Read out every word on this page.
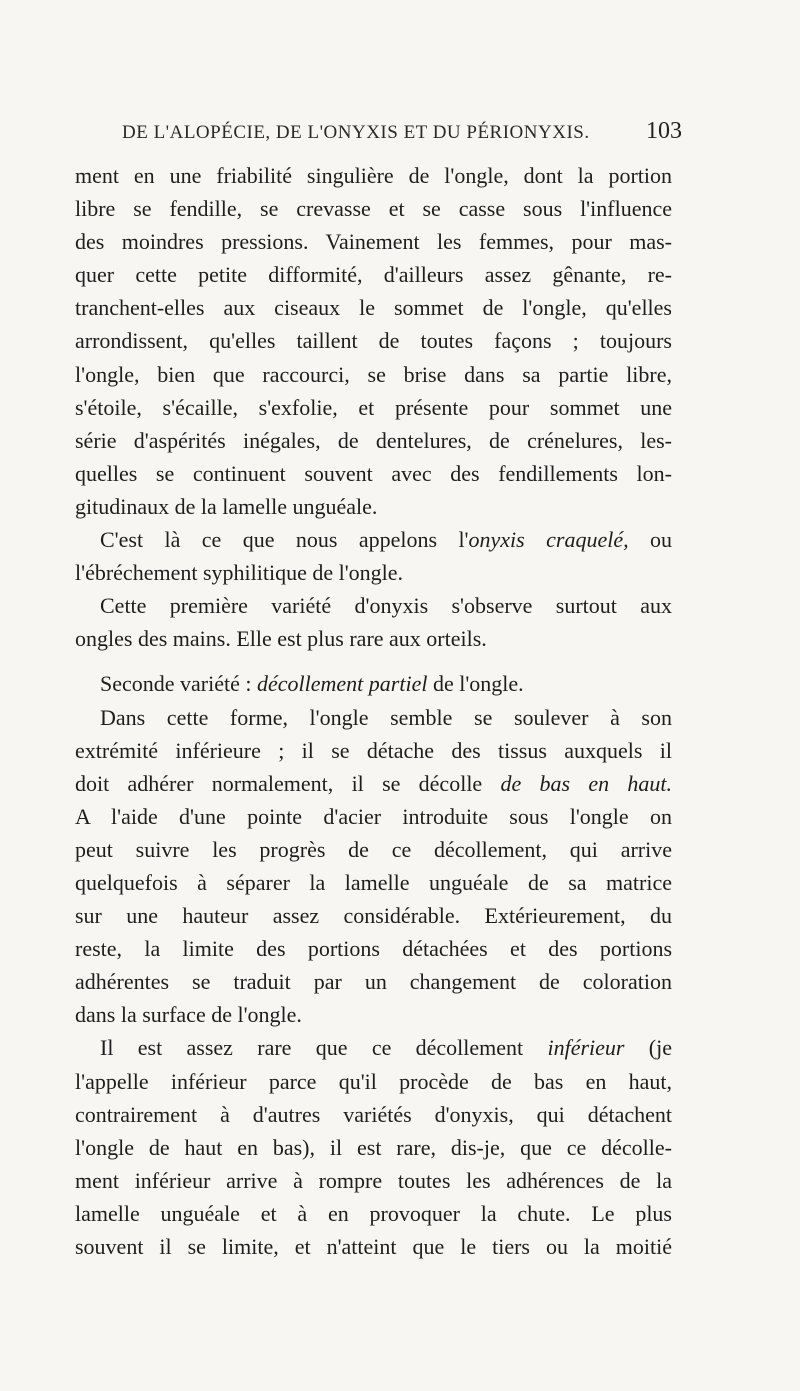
DE L'ALOPÉCIE, DE L'ONYXIS ET DU PÉRIONYXIS. 103

ment en une friabilité singulière de l'ongle, dont la portion
libre se fendille, se crevasse et se casse sous l'influence
des moindres pressions. Vainement les femmes, pour mas-
quer cette petite difformité, d'ailleurs assez gênante, re-
tranchent-elles aux ciseaux le sommet de l'ongle, qu'elles
arrondissent, qu'elles taillent de toutes façons ; toujours
l'ongle, bien que raccourci, se brise dans sa partie libre,
s'étoile, s'écaille, s'exfolie, et présente pour sommet une
série d'aspérités inégales, de dentelures, de crénelures, les-
quelles se continuent souvent avec des fendillements lon-
gitudinaux de la lamelle unguéale.

C'est là ce que nous appelons l'onyxis craquelé, ou
l'ébréchement syphilitique de l'ongle.

Cette première variété d'onyxis s'observe surtout aux
ongles des mains. Elle est plus rare aux orteils.

Seconde variété : décollement partiel de l'ongle.

Dans cette forme, l'ongle semble se soulever à son
extrémité inférieure ; il se détache des tissus auxquels il
doit adhérer normalement, il se décolle de bas en haut.
A l'aide d'une pointe d'acier introduite sous l'ongle on
peut suivre les progrès de ce décollement, qui arrive
quelquefois à séparer la lamelle unguéale de sa matrice
sur une hauteur assez considérable. Extérieurement, du
reste, la limite des portions détachées et des portions
adhérentes se traduit par un changement de coloration
dans la surface de l'ongle.

Il est assez rare que ce décollement inférieur (je
l'appelle inférieur parce qu'il procède de bas en haut,
contrairement à d'autres variétés d'onyxis, qui détachent
l'ongle de haut en bas), il est rare, dis-je, que ce décolle-
ment inférieur arrive à rompre toutes les adhérences de la
lamelle unguéale et à en provoquer la chute. Le plus
souvent il se limite, et n'atteint que le tiers ou la moitié
